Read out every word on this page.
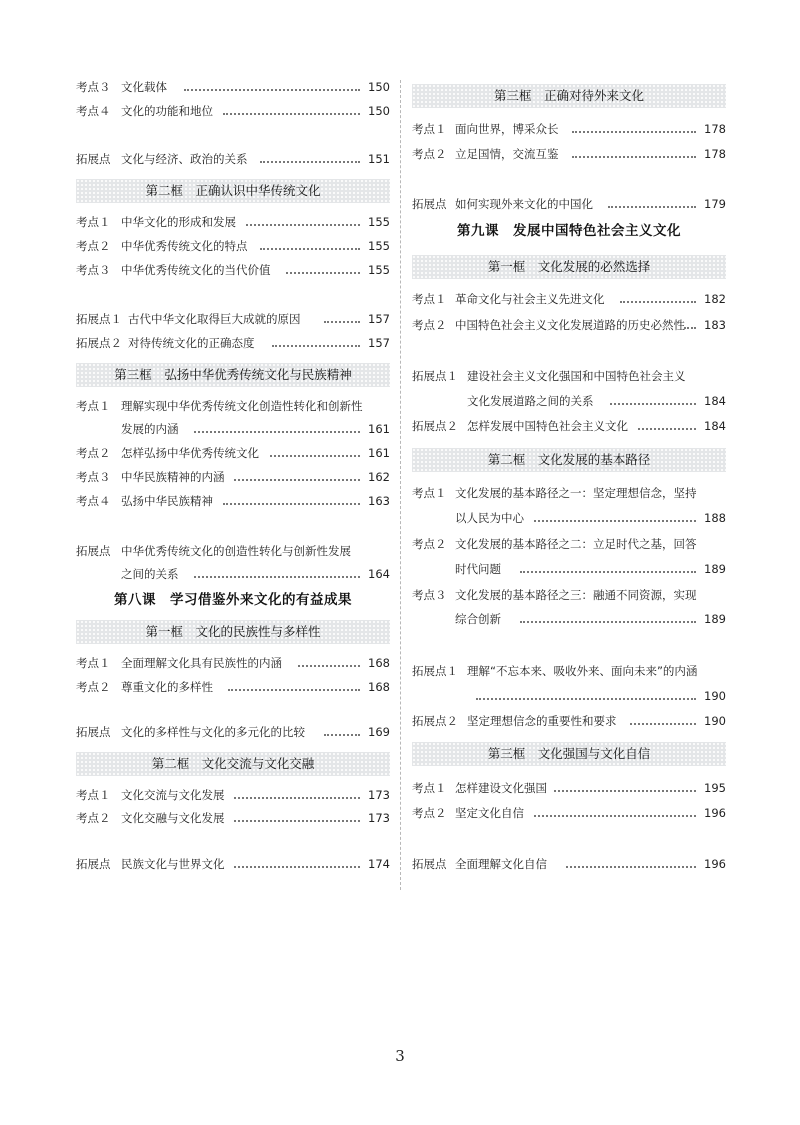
考点３ 文化载体	150
考点４ 文化的功能和地位	150
拓展点 文化与经济、政治的关系	151
第二框　正确认识中华传统文化
考点１ 中华文化的形成和发展	155
考点２ 中华优秀传统文化的特点	155
考点３ 中华优秀传统文化的当代价值	155
拓展点１ 古代中华文化取得巨大成就的原因	157
拓展点２ 对待传统文化的正确态度	157
第三框　弘扬中华优秀传统文化与民族精神
考点１ 理解实现中华优秀传统文化创造性转化和创新性
发展的内涵	161
考点２ 怎样弘扬中华优秀传统文化	161
考点３ 中华民族精神的内涵	162
考点４ 弘扬中华民族精神	163
拓展点 中华优秀传统文化的创造性转化与创新性发展
之间的关系	164
第八课　学习借鉴外来文化的有益成果
第一框　文化的民族性与多样性
考点１ 全面理解文化具有民族性的内涵	168
考点２ 尊重文化的多样性	168
拓展点 文化的多样性与文化的多元化的比较	169
第二框　文化交流与文化交融
考点１ 文化交流与文化发展	173
考点２ 文化交融与文化发展	173
拓展点 民族文化与世界文化	174
第三框　正确对待外来文化
考点１ 面向世界，博采众长	178
考点２ 立足国情，交流互鉴	178
拓展点 如何实现外来文化的中国化	179
第九课　发展中国特色社会主义文化
第一框　文化发展的必然选择
考点１ 革命文化与社会主义先进文化	182
考点２ 中国特色社会主义文化发展道路的历史必然性	183
拓展点１ 建设社会主义文化强国和中国特色社会主义
文化发展道路之间的关系	184
拓展点２ 怎样发展中国特色社会主义文化	184
第二框　文化发展的基本路径
考点１ 文化发展的基本路径之一：坚定理想信念，坚持
以人民为中心	188
考点２ 文化发展的基本路径之二：立足时代之基，回答
时代问题	189
考点３ 文化发展的基本路径之三：融通不同资源，实现
综合创新	189
拓展点１ 理解“不忘本来、吸收外来、面向未来”的内涵
190
拓展点２ 坚定理想信念的重要性和要求	190
第三框　文化强国与文化自信
考点１ 怎样建设文化强国	195
考点２ 坚定文化自信	196
拓展点 全面理解文化自信	196
3
